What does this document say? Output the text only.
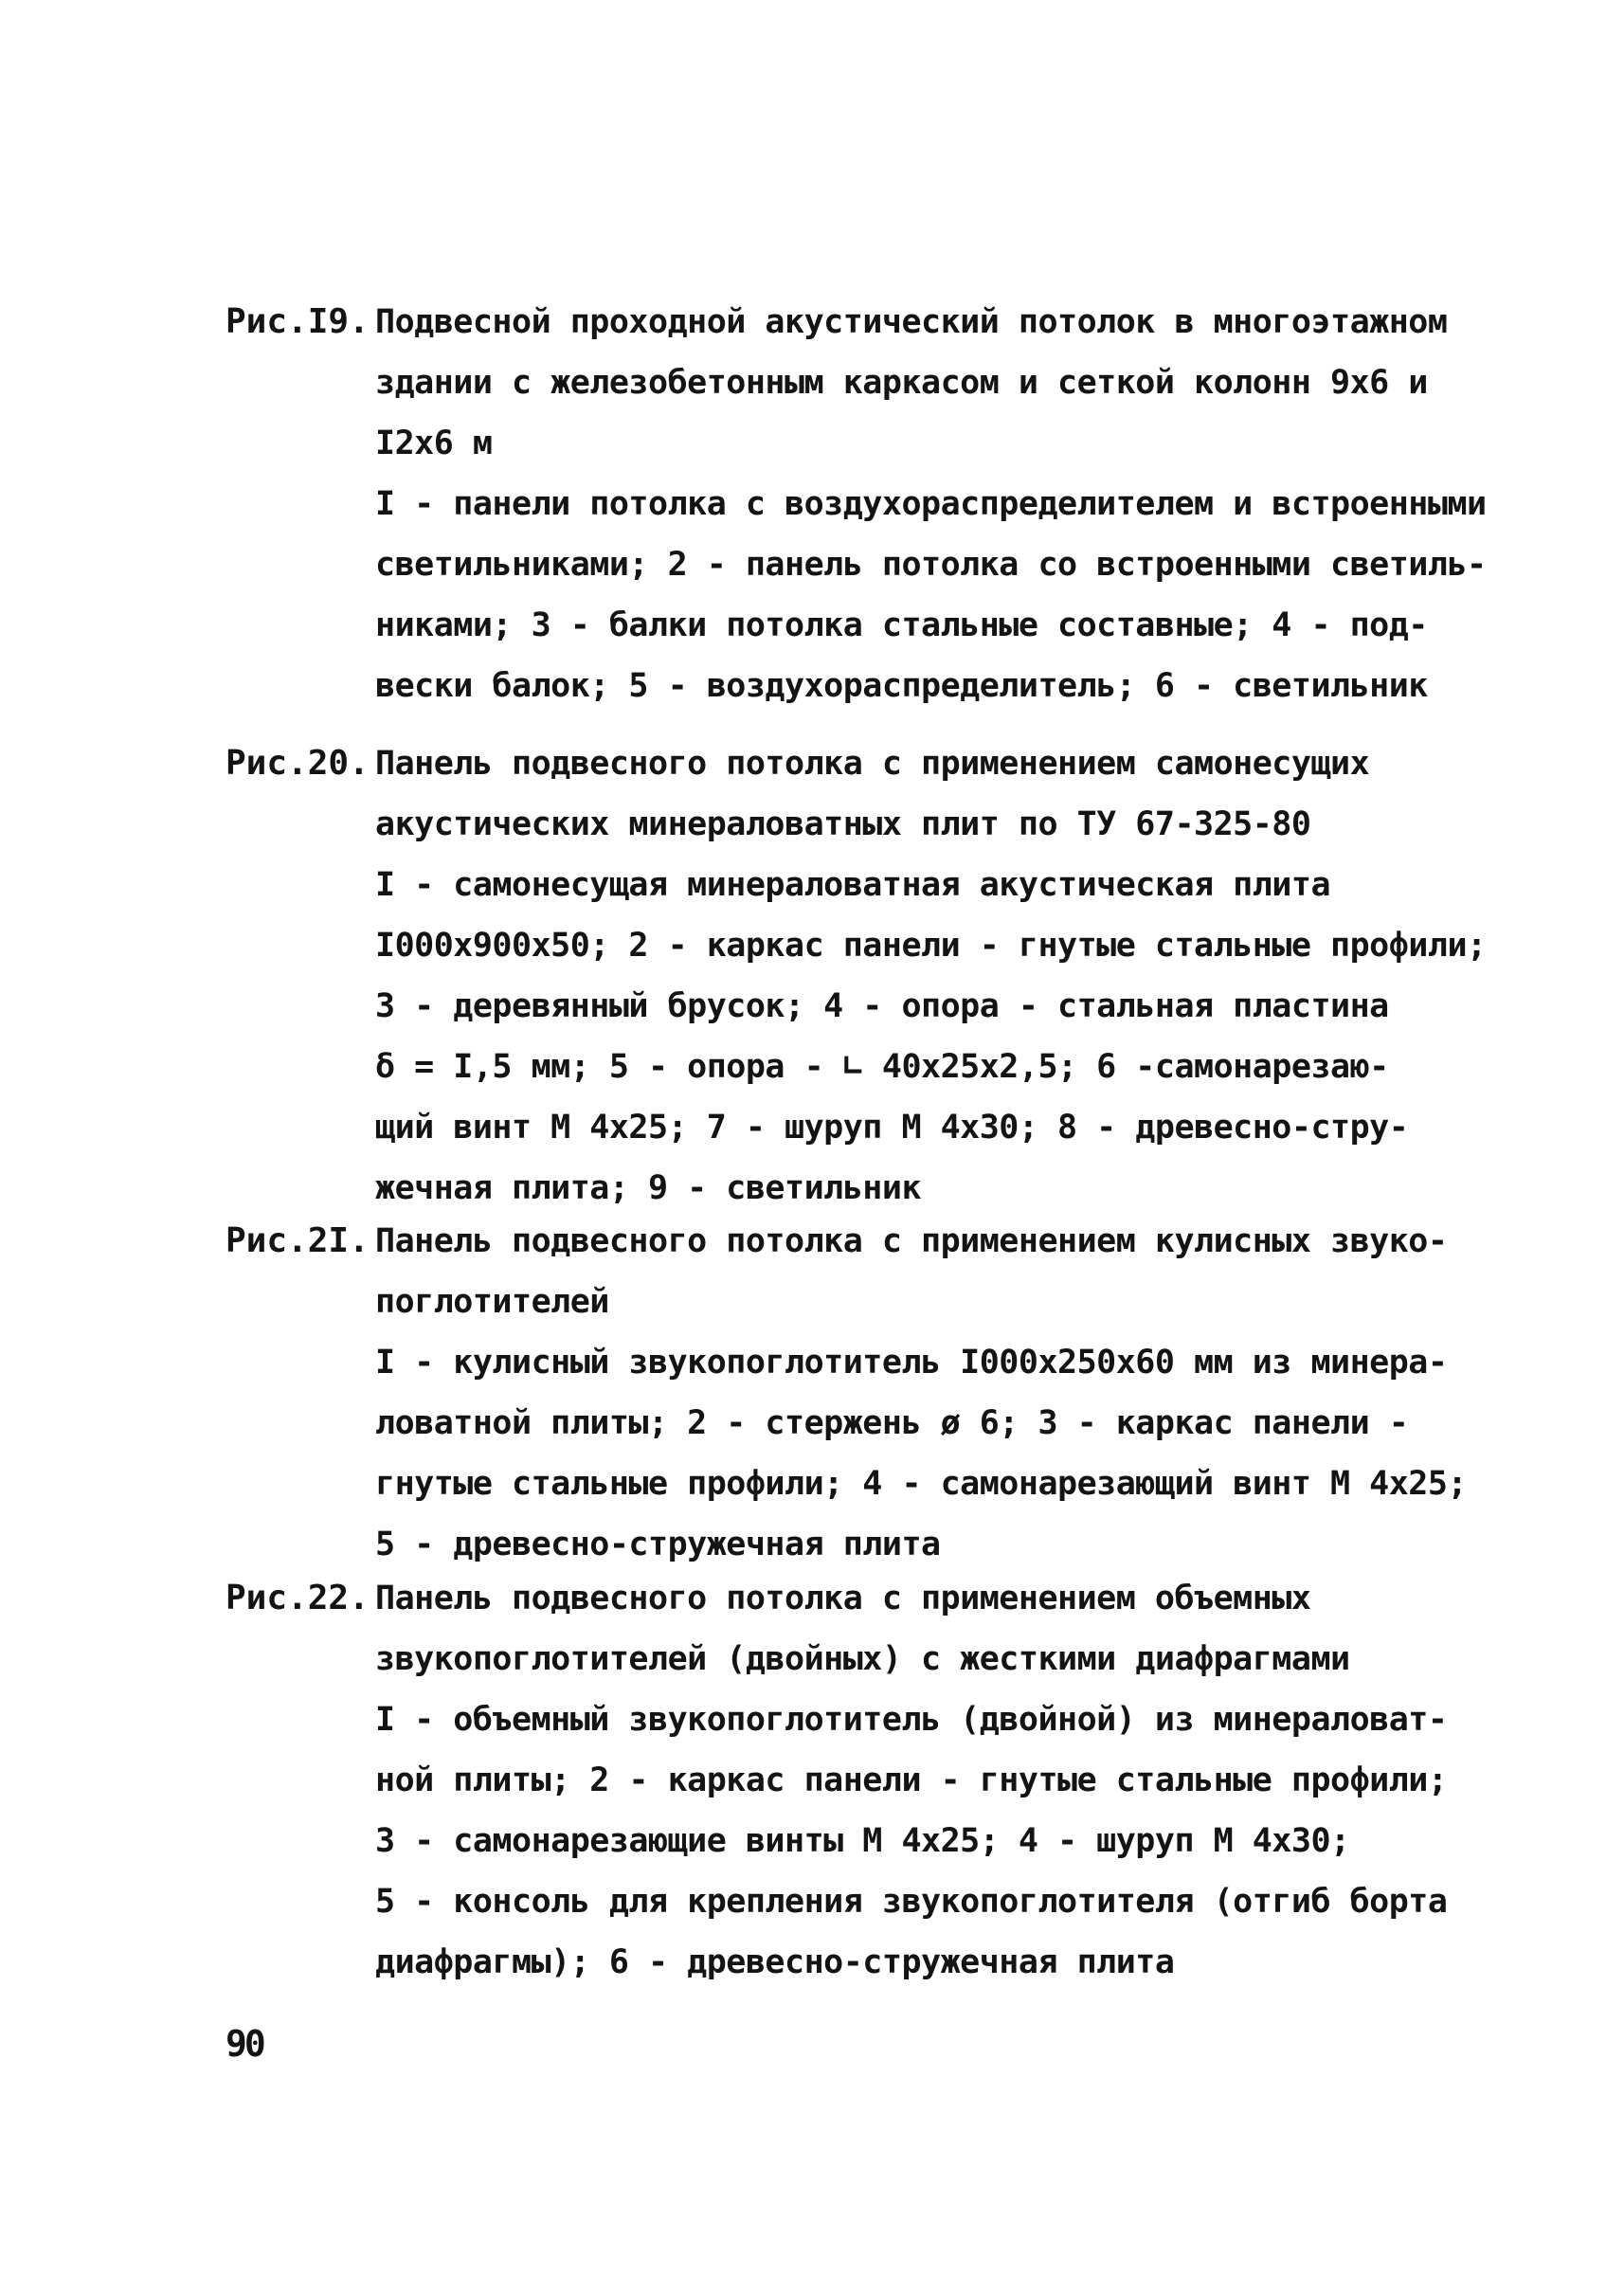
Рис.I9. Подвесной проходной акустический потолок в многоэтажном
здании с железобетонным каркасом и сеткой колонн 9х6 и
I2х6 м
I - панели потолка с воздухораспределителем и встроенными
светильниками; 2 - панель потолка со встроенными светиль-
никами; 3 - балки потолка стальные составные; 4 - под-
вески балок; 5 - воздухораспределитель; 6 - светильник
Рис.20. Панель подвесного потолка с применением самонесущих
акустических минераловатных плит по ТУ 67-325-80
I - самонесущая минераловатная акустическая плита
I000х900х50; 2 - каркас панели - гнутые стальные профили;
3 - деревянный брусок; 4 - опора - стальная пластина
δ = I,5 мм; 5 - опора - ∟ 40х25х2,5; 6 -самонарезаю-
щий винт М 4х25; 7 - шуруп М 4х30; 8 - древесно-стру-
жечная плита; 9 - светильник
Рис.2I. Панель подвесного потолка с применением кулисных звуко-
поглотителей
I - кулисный звукопоглотитель I000х250х60 мм из минера-
ловатной плиты; 2 - стержень ø 6; 3 - каркас панели -
гнутые стальные профили; 4 - самонарезающий винт М 4х25;
5 - древесно-стружечная плита
Рис.22. Панель подвесного потолка с применением объемных
звукопоглотителей (двойных) с жесткими диафрагмами
I - объемный звукопоглотитель (двойной) из минераловат-
ной плиты; 2 - каркас панели - гнутые стальные профили;
3 - самонарезающие винты М 4х25; 4 - шуруп М 4х30;
5 - консоль для крепления звукопоглотителя (отгиб борта
диафрагмы); 6 - древесно-стружечная плита
90
